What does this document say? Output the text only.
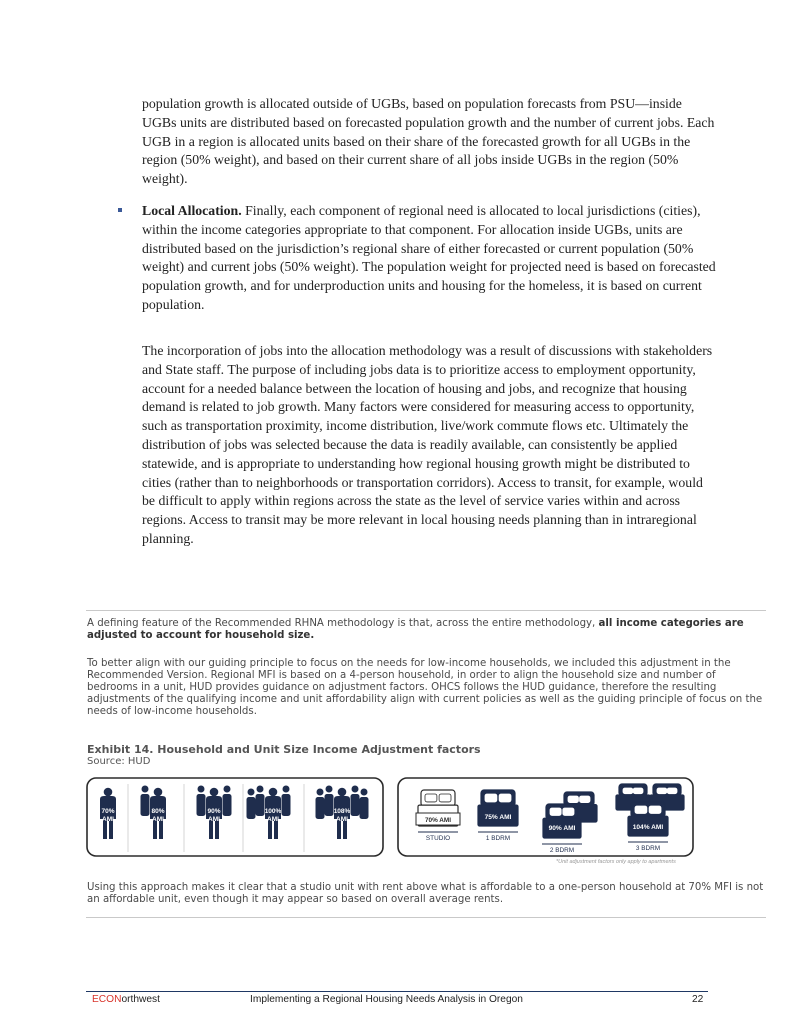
population growth is allocated outside of UGBs, based on population forecasts from PSU—inside UGBs units are distributed based on forecasted population growth and the number of current jobs. Each UGB in a region is allocated units based on their share of the forecasted growth for all UGBs in the region (50% weight), and based on their current share of all jobs inside UGBs in the region (50% weight).

Local Allocation. Finally, each component of regional need is allocated to local jurisdictions (cities), within the income categories appropriate to that component. For allocation inside UGBs, units are distributed based on the jurisdiction’s regional share of either forecasted or current population (50% weight) and current jobs (50% weight). The population weight for projected need is based on forecasted population growth, and for underproduction units and housing for the homeless, it is based on current population.

The incorporation of jobs into the allocation methodology was a result of discussions with stakeholders and State staff. The purpose of including jobs data is to prioritize access to employment opportunity, account for a needed balance between the location of housing and jobs, and recognize that housing demand is related to job growth. Many factors were considered for measuring access to opportunity, such as transportation proximity, income distribution, live/work commute flows etc. Ultimately the distribution of jobs was selected because the data is readily available, can consistently be applied statewide, and is appropriate to understanding how regional housing growth might be distributed to cities (rather than to neighborhoods or transportation corridors). Access to transit, for example, would be difficult to apply within regions across the state as the level of service varies within and across regions. Access to transit may be more relevant in local housing needs planning than in intraregional planning.

A defining feature of the Recommended RHNA methodology is that, across the entire methodology, all income categories are adjusted to account for household size.
To better align with our guiding principle to focus on the needs for low-income households, we included this adjustment in the Recommended Version. Regional MFI is based on a 4-person household, in order to align the household size and number of bedrooms in a unit, HUD provides guidance on adjustment factors. OHCS follows the HUD guidance, therefore the resulting adjustments of the qualifying income and unit affordability align with current policies as well as the guiding principle of focus on the needs of low-income households.
Exhibit 14. Household and Unit Size Income Adjustment factors
Source: HUD
70%
AMI
80%
AMI
90%
AMI
100%
AMI
108%
AMI	70% AMI
STUDIO
75% AMI
1 BDRM
90% AMI
2 BDRM
104% AMI
3 BDRM
*Unit adjustment factors only apply to apartments
Using this approach makes it clear that a studio unit with rent above what is affordable to a one-person household at 70% MFI is not an affordable unit, even though it may appear so based on overall average rents.
ECONorthwest	Implementing a Regional Housing Needs Analysis in Oregon	22
